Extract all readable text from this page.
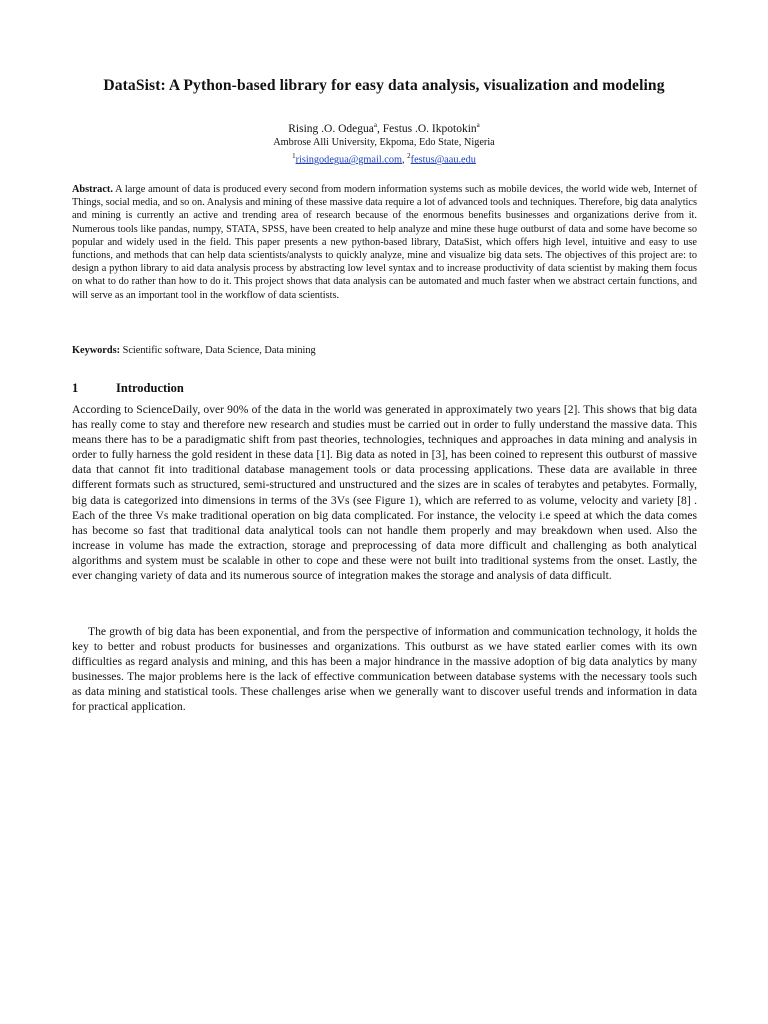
DataSist: A Python-based library for easy data analysis, visualization and modeling
Rising .O. Odegua$^a$, Festus .O. Ikpotokin$^a$
Ambrose Alli University, Ekpoma, Edo State, Nigeria
$^1$risingodegua@gmail.com, $^2$festus@aau.edu

Abstract. A large amount of data is produced every second from modern information systems such as mobile devices, the world wide web, Internet of Things, social media, and so on. Analysis and mining of these massive data require a lot of advanced tools and techniques. Therefore, big data analytics and mining is currently an active and trending area of research because of the enormous benefits businesses and organizations derive from it. Numerous tools like pandas, numpy, STATA, SPSS, have been created to help analyze and mine these huge outburst of data and some have become so popular and widely used in the field. This paper presents a new python-based library, DataSist, which offers high level, intuitive and easy to use functions, and methods that can help data scientists/analysts to quickly analyze, mine and visualize big data sets. The objectives of this project are: to design a python library to aid data analysis process by abstracting low level syntax and to increase productivity of data scientist by making them focus on what to do rather than how to do it. This project shows that data analysis can be automated and much faster when we abstract certain functions, and will serve as an important tool in the workflow of data scientists.

Keywords: Scientific software, Data Science, Data mining
1	Introduction

According to ScienceDaily, over 90% of the data in the world was generated in approximately two years [2]. This shows that big data has really come to stay and therefore new research and studies must be carried out in order to fully understand the massive data. This means there has to be a paradigmatic shift from past theories, technologies, techniques and approaches in data mining and analysis in order to fully harness the gold resident in these data [1]. Big data as noted in [3], has been coined to represent this outburst of massive data that cannot fit into traditional database management tools or data processing applications. These data are available in three different formats such as structured, semi-structured and unstructured and the sizes are in scales of terabytes and petabytes. Formally, big data is categorized into dimensions in terms of the 3Vs (see Figure 1), which are referred to as volume, velocity and variety [8] . Each of the three Vs make traditional operation on big data complicated. For instance, the velocity i.e speed at which the data comes has become so fast that traditional data analytical tools can not handle them properly and may breakdown when used. Also the increase in volume has made the extraction, storage and preprocessing of data more difficult and challenging as both analytical algorithms and system must be scalable in other to cope and these were not built into traditional systems from the onset. Lastly, the ever changing variety of data and its numerous source of integration makes the storage and analysis of data difficult.

The growth of big data has been exponential, and from the perspective of information and communication technology, it holds the key to better and robust products for businesses and organizations. This outburst as we have stated earlier comes with its own difficulties as regard analysis and mining, and this has been a major hindrance in the massive adoption of big data analytics by many businesses. The major problems here is the lack of effective communication between database systems with the necessary tools such as data mining and statistical tools. These challenges arise when we generally want to discover useful trends and information in data for practical application.
